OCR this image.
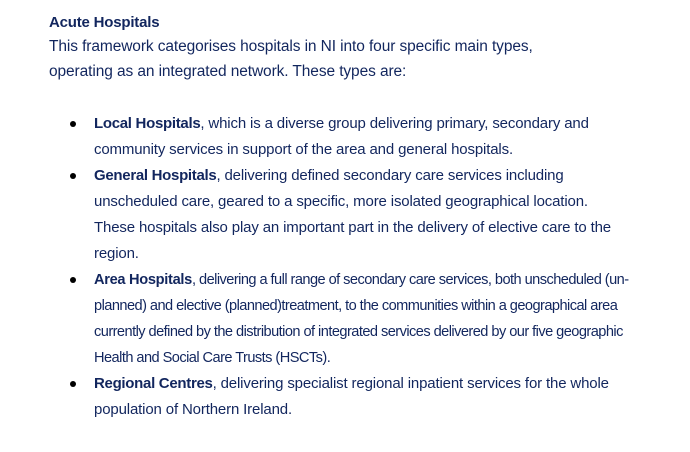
Acute Hospitals

This framework categorises hospitals in NI into four specific main types,
operating as an integrated network. These types are:

Local Hospitals, which is a diverse group delivering primary, secondary and
community services in support of the area and general hospitals.
General Hospitals, delivering defined secondary care services including
unscheduled care, geared to a specific, more isolated geographical location.
These hospitals also play an important part in the delivery of elective care to the
region.
Area Hospitals, delivering a full range of secondary care services, both unscheduled (un-
planned) and elective (planned)treatment, to the communities within a geographical area
currently defined by the distribution of integrated services delivered by our five geographic
Health and Social Care Trusts (HSCTs).
Regional Centres, delivering specialist regional inpatient services for the whole
population of Northern Ireland.
